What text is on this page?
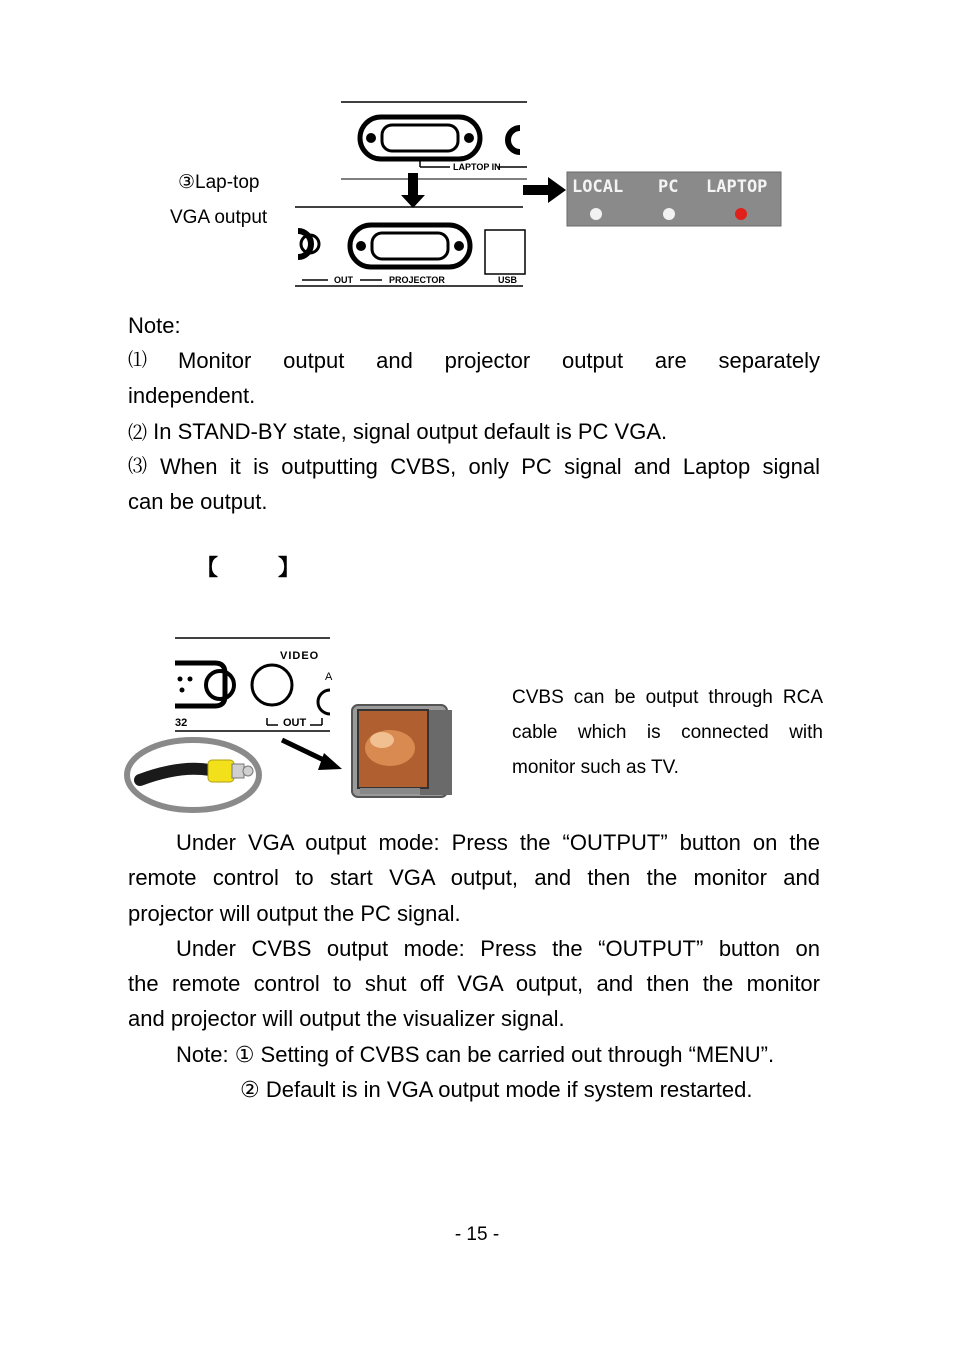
③Lap-top
VGA output
LAPTOP IN
OUT	PROJECTOR	USB
LOCAL PC LAPTOP
Note:
⑴ Monitor output and projector output are separately
independent.
⑵ In STAND-BY state, signal output default is PC VGA.
⑶ When it is outputting CVBS, only PC signal and Laptop signal
can be output.
【	】
VIDEO
A
32	OUT
CVBS can be output through RCA
cable which is connected with
monitor such as TV.
Under VGA output mode: Press the “OUTPUT” button on the
remote control to start VGA output, and then the monitor and
projector will output the PC signal.
Under CVBS output mode: Press the “OUTPUT” button on
the remote control to shut off VGA output, and then the monitor
and projector will output the visualizer signal.
Note: ① Setting of CVBS can be carried out through “MENU”.
② Default is in VGA output mode if system restarted.
- 15 -
